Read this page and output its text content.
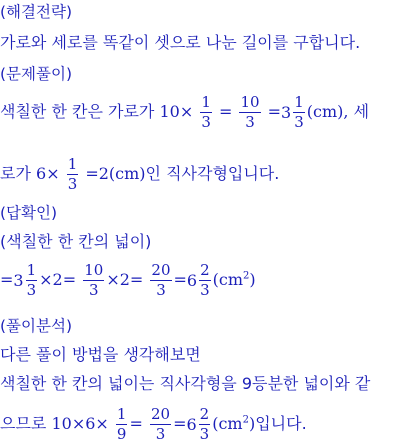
(해결전략)
가로와 세로를 똑같이 셋으로 나눈 길이를 구합니다.
(문제풀이)
색칠한 한 칸은 가로가 $10\times \frac{1}{3} = \frac{10}{3} = 3 \frac{1}{3} (cm)$, 세
로가 $6\times \frac{1}{3} =2(cm)$인 직사각형입니다.
(답확인)
(색칠한 한 칸의 넓이)
= $3 \frac{1}{3} \times 2= \frac{10}{3} \times 2= \frac{20}{3} = 6 \frac{2}{3} (cm^2)$
(풀이분석)
다른 풀이 방법을 생각해보면
색칠한 한 칸의 넓이는 직사각형을 9등분한 넓이와 같
으므로 $10\times 6\times \frac{1}{9} = \frac{20}{3} = 6 \frac{2}{3} (cm^2)$입니다.
